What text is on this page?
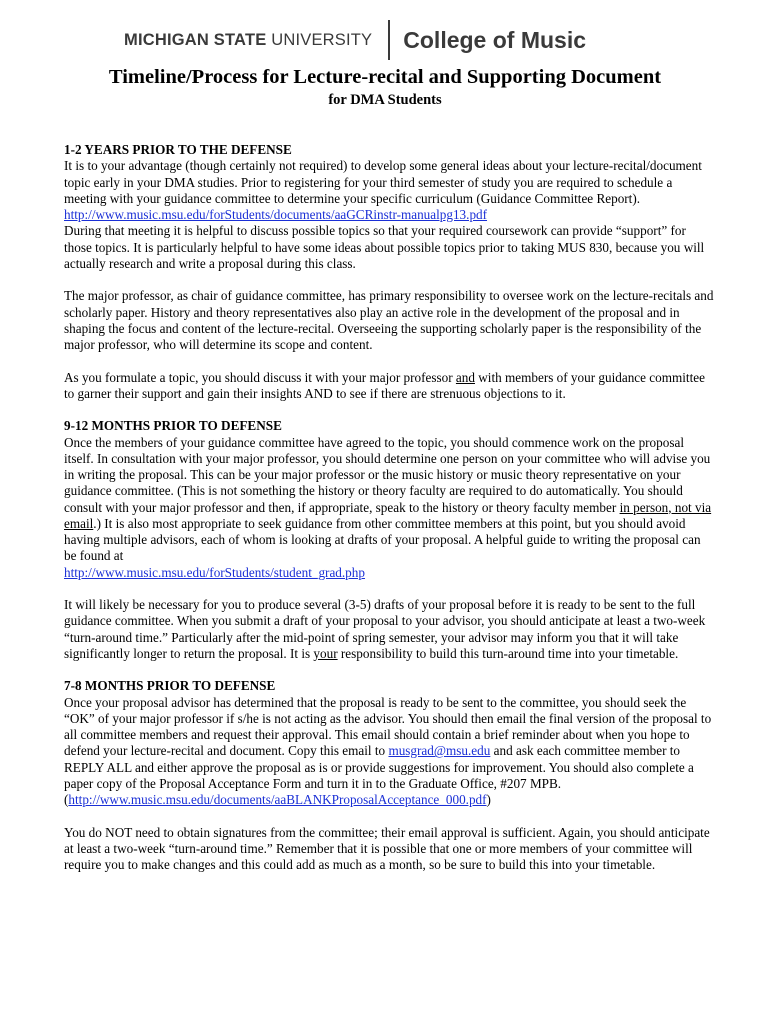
MICHIGAN STATE UNIVERSITY College of Music
Timeline/Process for Lecture-recital and Supporting Document
for DMA Students
1-2 YEARS PRIOR TO THE DEFENSE

It is to your advantage (though certainly not required) to develop some general ideas about your lecture-recital/document topic early in your DMA studies. Prior to registering for your third semester of study you are required to schedule a meeting with your guidance committee to determine your specific curriculum (Guidance Committee Report).
http://www.music.msu.edu/forStudents/documents/aaGCRinstr-manualpg13.pdf
During that meeting it is helpful to discuss possible topics so that your required coursework can provide “support” for those topics. It is particularly helpful to have some ideas about possible topics prior to taking MUS 830, because you will actually research and write a proposal during this class.

The major professor, as chair of guidance committee, has primary responsibility to oversee work on the lecture-recitals and scholarly paper. History and theory representatives also play an active role in the development of the proposal and in shaping the focus and content of the lecture-recital. Overseeing the supporting scholarly paper is the responsibility of the major professor, who will determine its scope and content.

As you formulate a topic, you should discuss it with your major professor and with members of your guidance committee to garner their support and gain their insights AND to see if there are strenuous objections to it.

9-12 MONTHS PRIOR TO DEFENSE

Once the members of your guidance committee have agreed to the topic, you should commence work on the proposal itself. In consultation with your major professor, you should determine one person on your committee who will advise you in writing the proposal. This can be your major professor or the music history or music theory representative on your guidance committee. (This is not something the history or theory faculty are required to do automatically. You should consult with your major professor and then, if appropriate, speak to the history or theory faculty member in person, not via email.) It is also most appropriate to seek guidance from other committee members at this point, but you should avoid having multiple advisors, each of whom is looking at drafts of your proposal. A helpful guide to writing the proposal can be found at
http://www.music.msu.edu/forStudents/student_grad.php

It will likely be necessary for you to produce several (3-5) drafts of your proposal before it is ready to be sent to the full guidance committee. When you submit a draft of your proposal to your advisor, you should anticipate at least a two-week “turn-around time.” Particularly after the mid-point of spring semester, your advisor may inform you that it will take significantly longer to return the proposal. It is your responsibility to build this turn-around time into your timetable.

7-8 MONTHS PRIOR TO DEFENSE

Once your proposal advisor has determined that the proposal is ready to be sent to the committee, you should seek the “OK” of your major professor if s/he is not acting as the advisor. You should then email the final version of the proposal to all committee members and request their approval. This email should contain a brief reminder about when you hope to defend your lecture-recital and document. Copy this email to musgrad@msu.edu and ask each committee member to REPLY ALL and either approve the proposal as is or provide suggestions for improvement. You should also complete a paper copy of the Proposal Acceptance Form and turn it in to the Graduate Office, #207 MPB. (http://www.music.msu.edu/documents/aaBLANKProposalAcceptance_000.pdf)

You do NOT need to obtain signatures from the committee; their email approval is sufficient. Again, you should anticipate at least a two-week “turn-around time.” Remember that it is possible that one or more members of your committee will require you to make changes and this could add as much as a month, so be sure to build this into your timetable.
